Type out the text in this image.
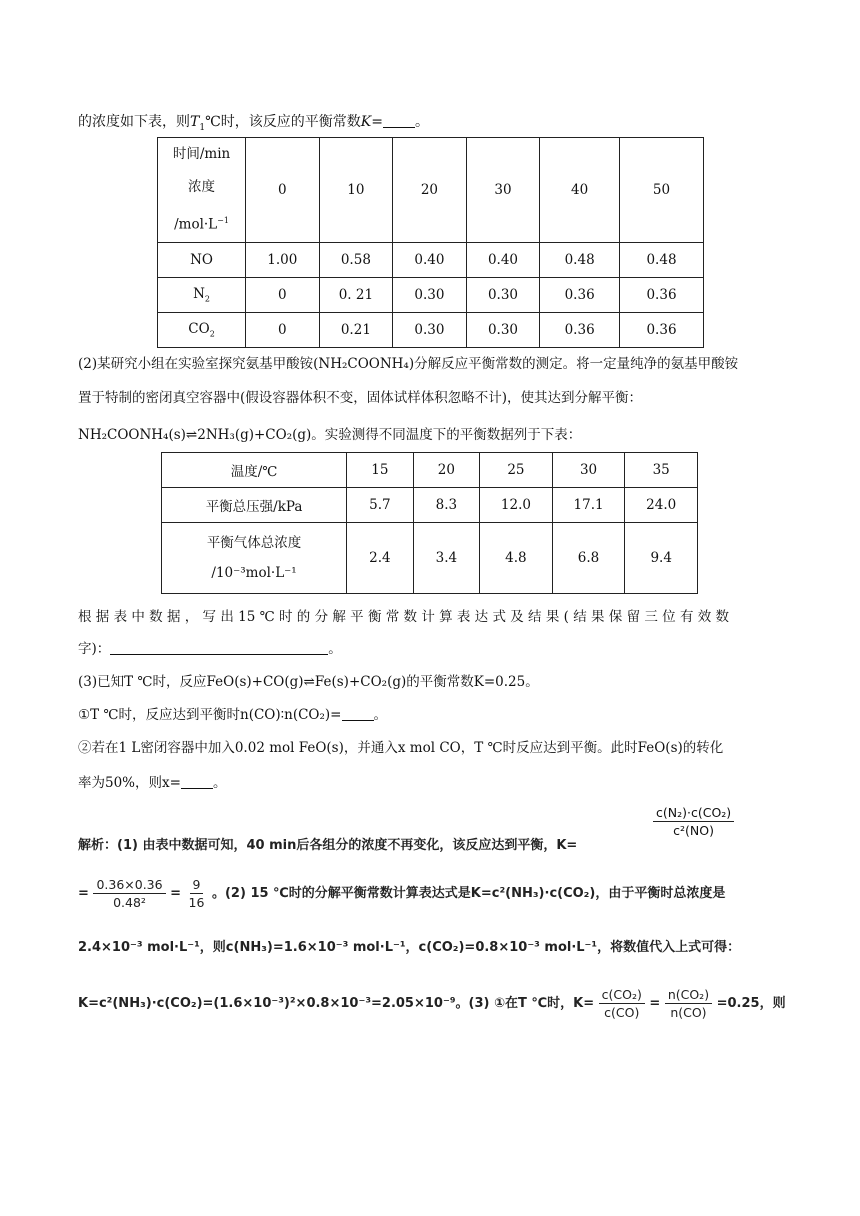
的浓度如下表，则$T_1℃$时，该反应的平衡常数K= 。
时间/min
浓度
$/mol\cdot L^{-1}$	0	10	20	30	40	50
NO	1.00	0.58	0.40	0.40	0.48	0.48
$N_2$	0	0. 21	0.30	0.30	0.36	0.36
$CO_2$	0	0.21	0.30	0.30	0.36	0.36
(2)某研究小组在实验室探究氨基甲酸铵(NH₂COONH₄)分解反应平衡常数的测定。将一定量纯净的氨基甲酸铵
置于特制的密闭真空容器中(假设容器体积不变，固体试样体积忽略不计)，使其达到分解平衡：
NH₂COONH₄(s)⇌2NH₃(g)+CO₂(g)。实验测得不同温度下的平衡数据列于下表：
温度/℃	15	20	25	30	35
平衡总压强/kPa	5.7	8.3	12.0	17.1	24.0

平衡气体总浓度
/10⁻³mol·L⁻¹	2.4	3.4	4.8	6.8	9.4
根 据 表 中 数 据 ， 写 出 15 ℃ 时 的 分 解 平 衡 常 数 计 算 表 达 式 及 结 果 ( 结 果 保 留 三 位 有 效 数
字)：	。
(3)已知T ℃时，反应FeO(s)+CO(g)⇌Fe(s)+CO₂(g)的平衡常数K=0.25。
①T ℃时，反应达到平衡时n(CO)∶n(CO₂)= 。
②若在1 L密闭容器中加入0.02 mol FeO(s)，并通入x mol CO，T ℃时反应达到平衡。此时FeO(s)的转化
率为50%，则x= 。
$\frac{\text{c(N₂)·c(CO₂)}}{\text{c²(NO)}}$
解析：(1) 由表中数据可知，40 min后各组分的浓度不再变化，该反应达到平衡，K=
= $\frac{0.36\times 0.36}{\text{0.48²}} = \frac{9}{16}$ 。(2) 15 ℃时的分解平衡常数计算表达式是K=c²(NH₃)·c(CO₂)，由于平衡时总浓度是
2.4×10⁻³ mol·L⁻¹，则c(NH₃)=1.6×10⁻³ mol·L⁻¹，c(CO₂)=0.8×10⁻³ mol·L⁻¹，将数值代入上式可得：
K=c²(NH₃)·c(CO₂)=(1.6×10⁻³)²×0.8×10⁻³=2.05×10⁻⁹。(3) ①在T ℃时，$K= \frac{\text{c(CO₂)}}{c(CO)} = \frac{\text{n(CO₂)}}{n(CO)} =0.25$，则
